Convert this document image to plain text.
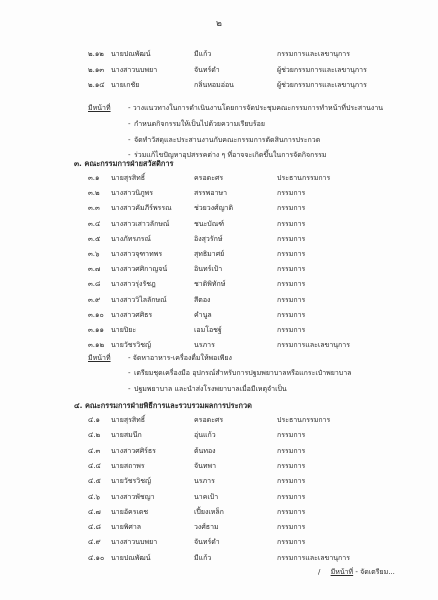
๒
๒.๑๒ นายปณพัฒน์	มีแก้ว	กรรมการและเลขานุการ
๒.๑๓ นางสาวนบพยา	จันทร์ดำ	ผู้ช่วยกรรมการและเลขานุการ
๒.๑๔ นายเกชัย	กลิ่นหอมอ่อน	ผู้ช่วยกรรมการและเลขานุการ
มีหน้าที่ - วางแนวทางในการดำเนินงานโดยการจัดประชุมคณะกรรมการทำหน้าที่ประสานงาน
- กำหนดกิจกรรมให้เป็นไปด้วยความเรียบร้อย
- จัดทำวัสดุและประสานงานกับคณะกรรมการตัดสินการประกวด
- ร่วมแก้ไขปัญหาอุปสรรคต่าง ๆ ที่อาจจะเกิดขึ้นในการจัดกิจกรรม
๓. คณะกรรมการฝ่ายสวัสดิการ
๓.๑ นายสุรสิทธิ์	ครอดะศร	ประธานกรรมการ
๓.๒ นางสาวนิภูพร	สรรพอาษา	กรรมการ
๓.๓ นางสาวคัมภีร์พรรณ	ช่วยวงศ์ญาติ	กรรมการ
๓.๔ นางสาวเสาวลักษณ์	ชนะบัณฑ์	กรรมการ
๓.๕ นางภัทรภรณ์	อิงสุวรักษ์	กรรมการ
๓.๖ นางสาวจุฑาทพร	สุทธิมาศย์	กรรมการ
๓.๗ นางสาวศศิกาญจน์	อินทร์เป้า	กรรมการ
๓.๘ นางสาวรุ่งรัชฎ	ชาติพิทักษ์	กรรมการ
๓.๙ นางสาววิไลลักษณ์	สีตอง	กรรมการ
๓.๑๐ นางสาวศศิธร	คำนูล	กรรมการ
๓.๑๑ นายปิยะ	เอมโอชฐ์	กรรมการ
๓.๑๒ นายวัชรวิชญ์	นรภาร	กรรมการและเลขานุการ
มีหน้าที่ - จัดหาอาหาร-เครื่องดื่มให้พอเพียง
- เตรียมชุดเครื่องมือ อุปกรณ์สำหรับการปฐมพยาบาลหรือแกระเป๋าพยาบาล
- ปฐมพยาบาล และนำส่งโรงพยาบาลเมื่อมีเหตุจำเป็น
๔. คณะกรรมการฝ่ายพิธีการและรวบรวมผลการประกวด
๔.๑ นายสุรสิทธิ์	ครอดะศร	ประธานกรรมการ
๔.๒ นายสมนึก	อุ่นแก้ว	กรรมการ
๔.๓ นางสาวศศิร์ธร	ต้นทอง	กรรมการ
๔.๔ นายสถาพร	จันทพา	กรรมการ
๔.๕ นายวัชรวิชญ์	นรภาร	กรรมการ
๔.๖ นางสาวพัชญา	นาคเป้า	กรรมการ
๔.๗ นายอัครเดช	เปี้ยงเหล็ก	กรรมการ
๔.๘ นายพิศาล	วงศ์ธาม	กรรมการ
๔.๙ นางสาวนบพยา	จันทร์ดำ	กรรมการ
๔.๑๐ นายปณพัฒน์	มีแก้ว	กรรมการและเลขานุการ
/ มีหน้าที่ - จัดเตรียม...
